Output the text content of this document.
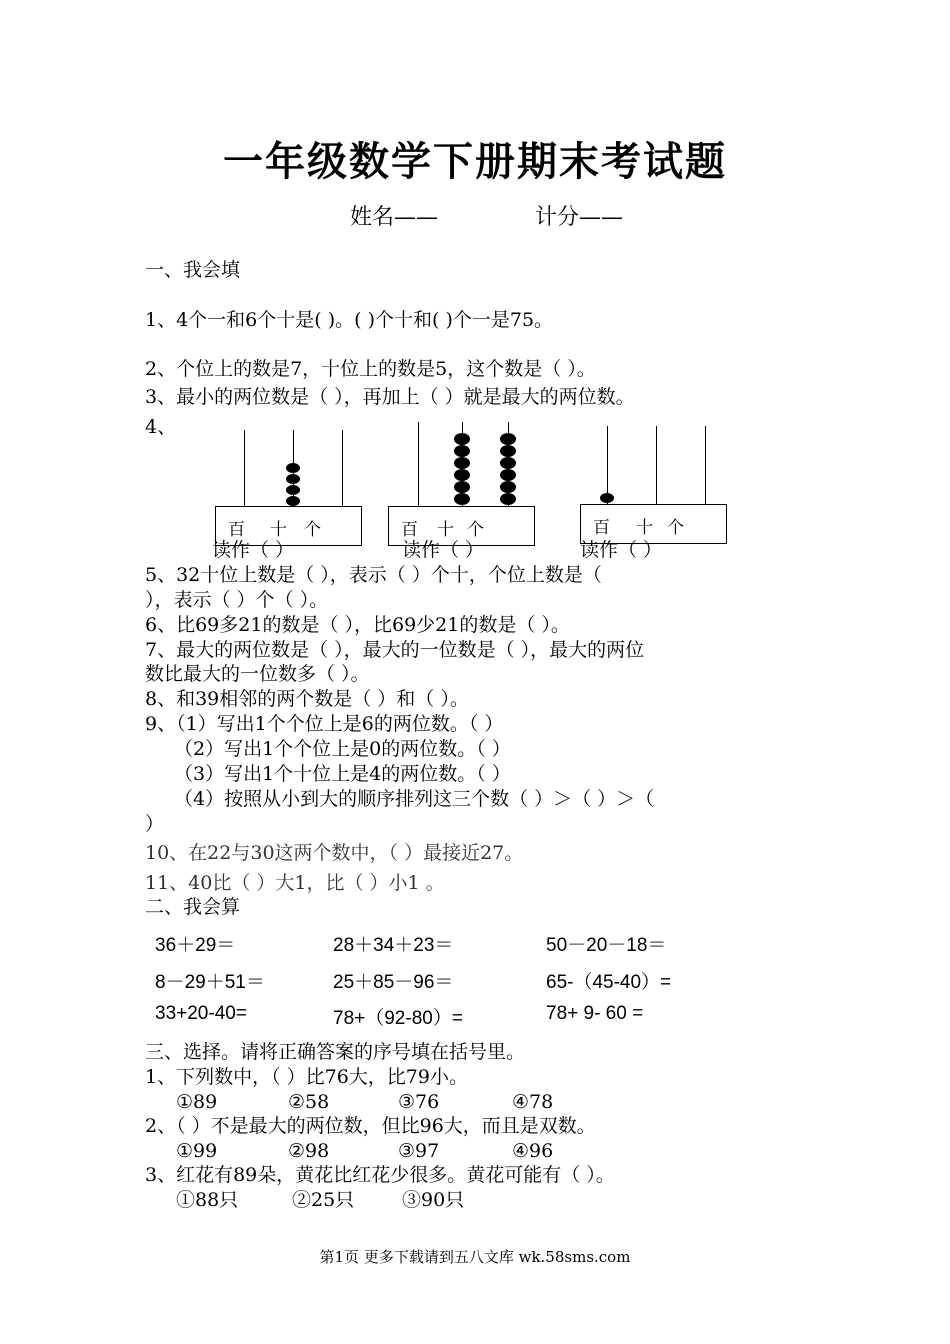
一年级数学下册期末考试题
姓名——	计分——
一、我会填
1、4个一和6个十是( )。( )个十和( )个一是75。
2、个位上的数是7，十位上的数是5，这个数是（ ）。
3、最小的两位数是（ ），再加上（ ）就是最大的两位数。
4、
百 十 个	百 十 个	百 十 个
读作（ ）	读作（ ）	读作（ ）
5、32十位上数是（ ），表示（ ）个十，个位上数是（
），表示（ ）个（ ）。
6、比69多21的数是（ ），比69少21的数是（ ）。
7、最大的两位数是（ ），最大的一位数是（ ），最大的两位
数比最大的一位数多（ ）。
8、和39相邻的两个数是（ ）和（ ）。
9、（1）写出1个个位上是6的两位数。（ ）
（2）写出1个个位上是0的两位数。（ ）
（3）写出1个十位上是4的两位数。（ ）
（4）按照从小到大的顺序排列这三个数（ ）＞（ ）＞（
）
10、在22与30这两个数中，（ ）最接近27。
11、40比（ ）大1，比（ ）小1 。
二、我会算
36＋29＝	28＋34＋23＝	50－20－18＝
8－29＋51＝	25＋85－96＝	65-（45-40）=
33+20-40=	78+（92-80）=	78+ 9- 60 =
三、选择。请将正确答案的序号填在括号里。
1、下列数中，（ ）比76大，比79小。
①89	②58	③76	④78
2、（ ）不是最大的两位数，但比96大，而且是双数。
①99	②98	③97	④96
3、红花有89朵，黄花比红花少很多。黄花可能有（ ）。
①88只	②25只	③90只
第1页 更多下载请到五八文库 wk.58sms.com
